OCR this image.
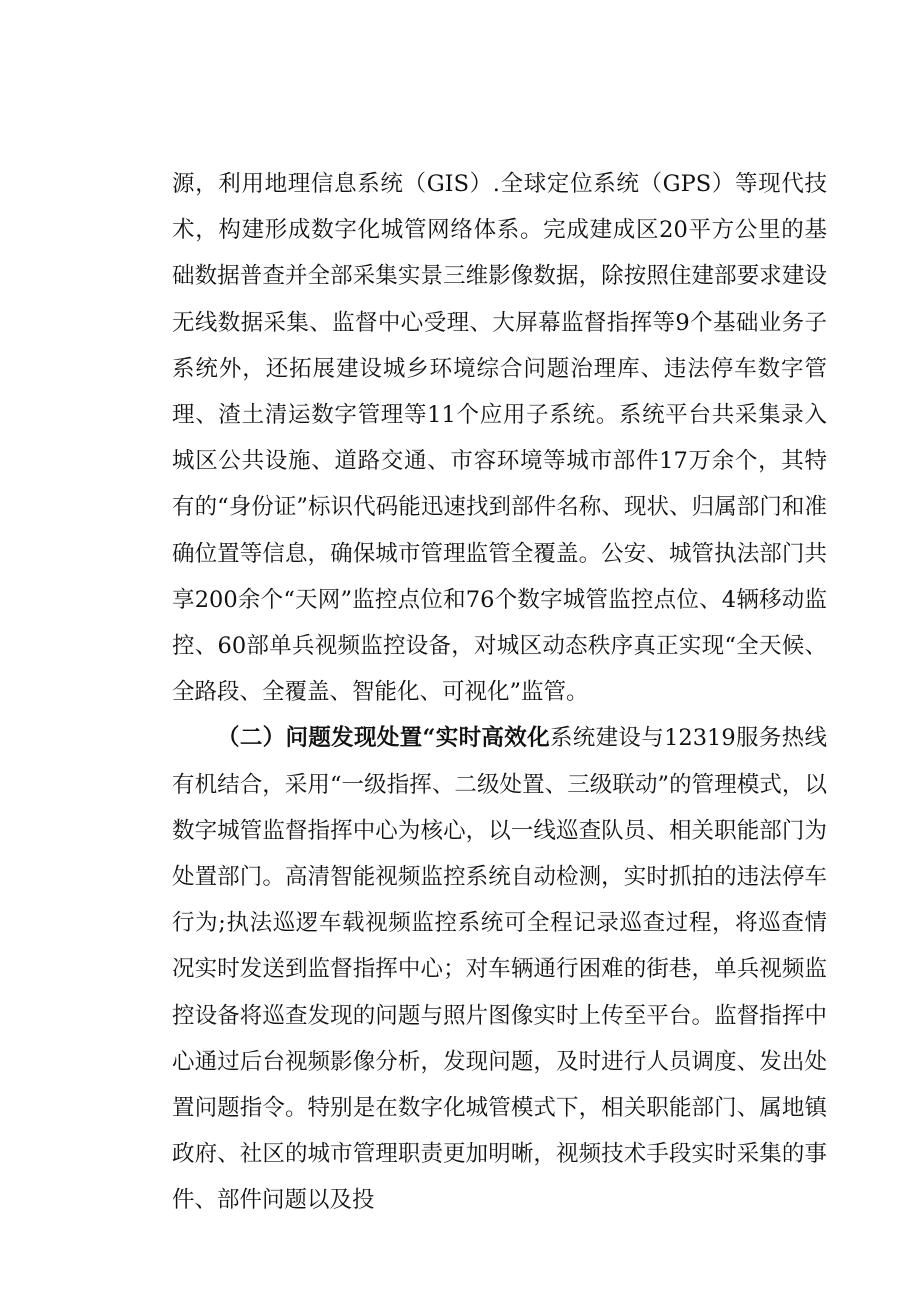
源，利用地理信息系统（GIS）.全球定位系统（GPS）等现代技术，构建形成数字化城管网络体系。完成建成区20平方公里的基础数据普查并全部采集实景三维影像数据，除按照住建部要求建设无线数据采集、监督中心受理、大屏幕监督指挥等9个基础业务子系统外，还拓展建设城乡环境综合问题治理库、违法停车数字管理、渣土清运数字管理等11个应用子系统。系统平台共采集录入城区公共设施、道路交通、市容环境等城市部件17万余个，其特有的“身份证”标识代码能迅速找到部件名称、现状、归属部门和准确位置等信息，确保城市管理监管全覆盖。公安、城管执法部门共享200余个“天网”监控点位和76个数字城管监控点位、4辆移动监控、60部单兵视频监控设备，对城区动态秩序真正实现“全天候、全路段、全覆盖、智能化、可视化”监管。

（二）问题发现处置“实时高效化系统建设与12319服务热线有机结合，采用“一级指挥、二级处置、三级联动”的管理模式，以数字城管监督指挥中心为核心，以一线巡查队员、相关职能部门为处置部门。高清智能视频监控系统自动检测，实时抓拍的违法停车行为;执法巡逻车载视频监控系统可全程记录巡查过程，将巡查情况实时发送到监督指挥中心；对车辆通行困难的街巷，单兵视频监控设备将巡查发现的问题与照片图像实时上传至平台。监督指挥中心通过后台视频影像分析，发现问题，及时进行人员调度、发出处置问题指令。特别是在数字化城管模式下，相关职能部门、属地镇政府、社区的城市管理职责更加明晰，视频技术手段实时采集的事件、部件问题以及投
